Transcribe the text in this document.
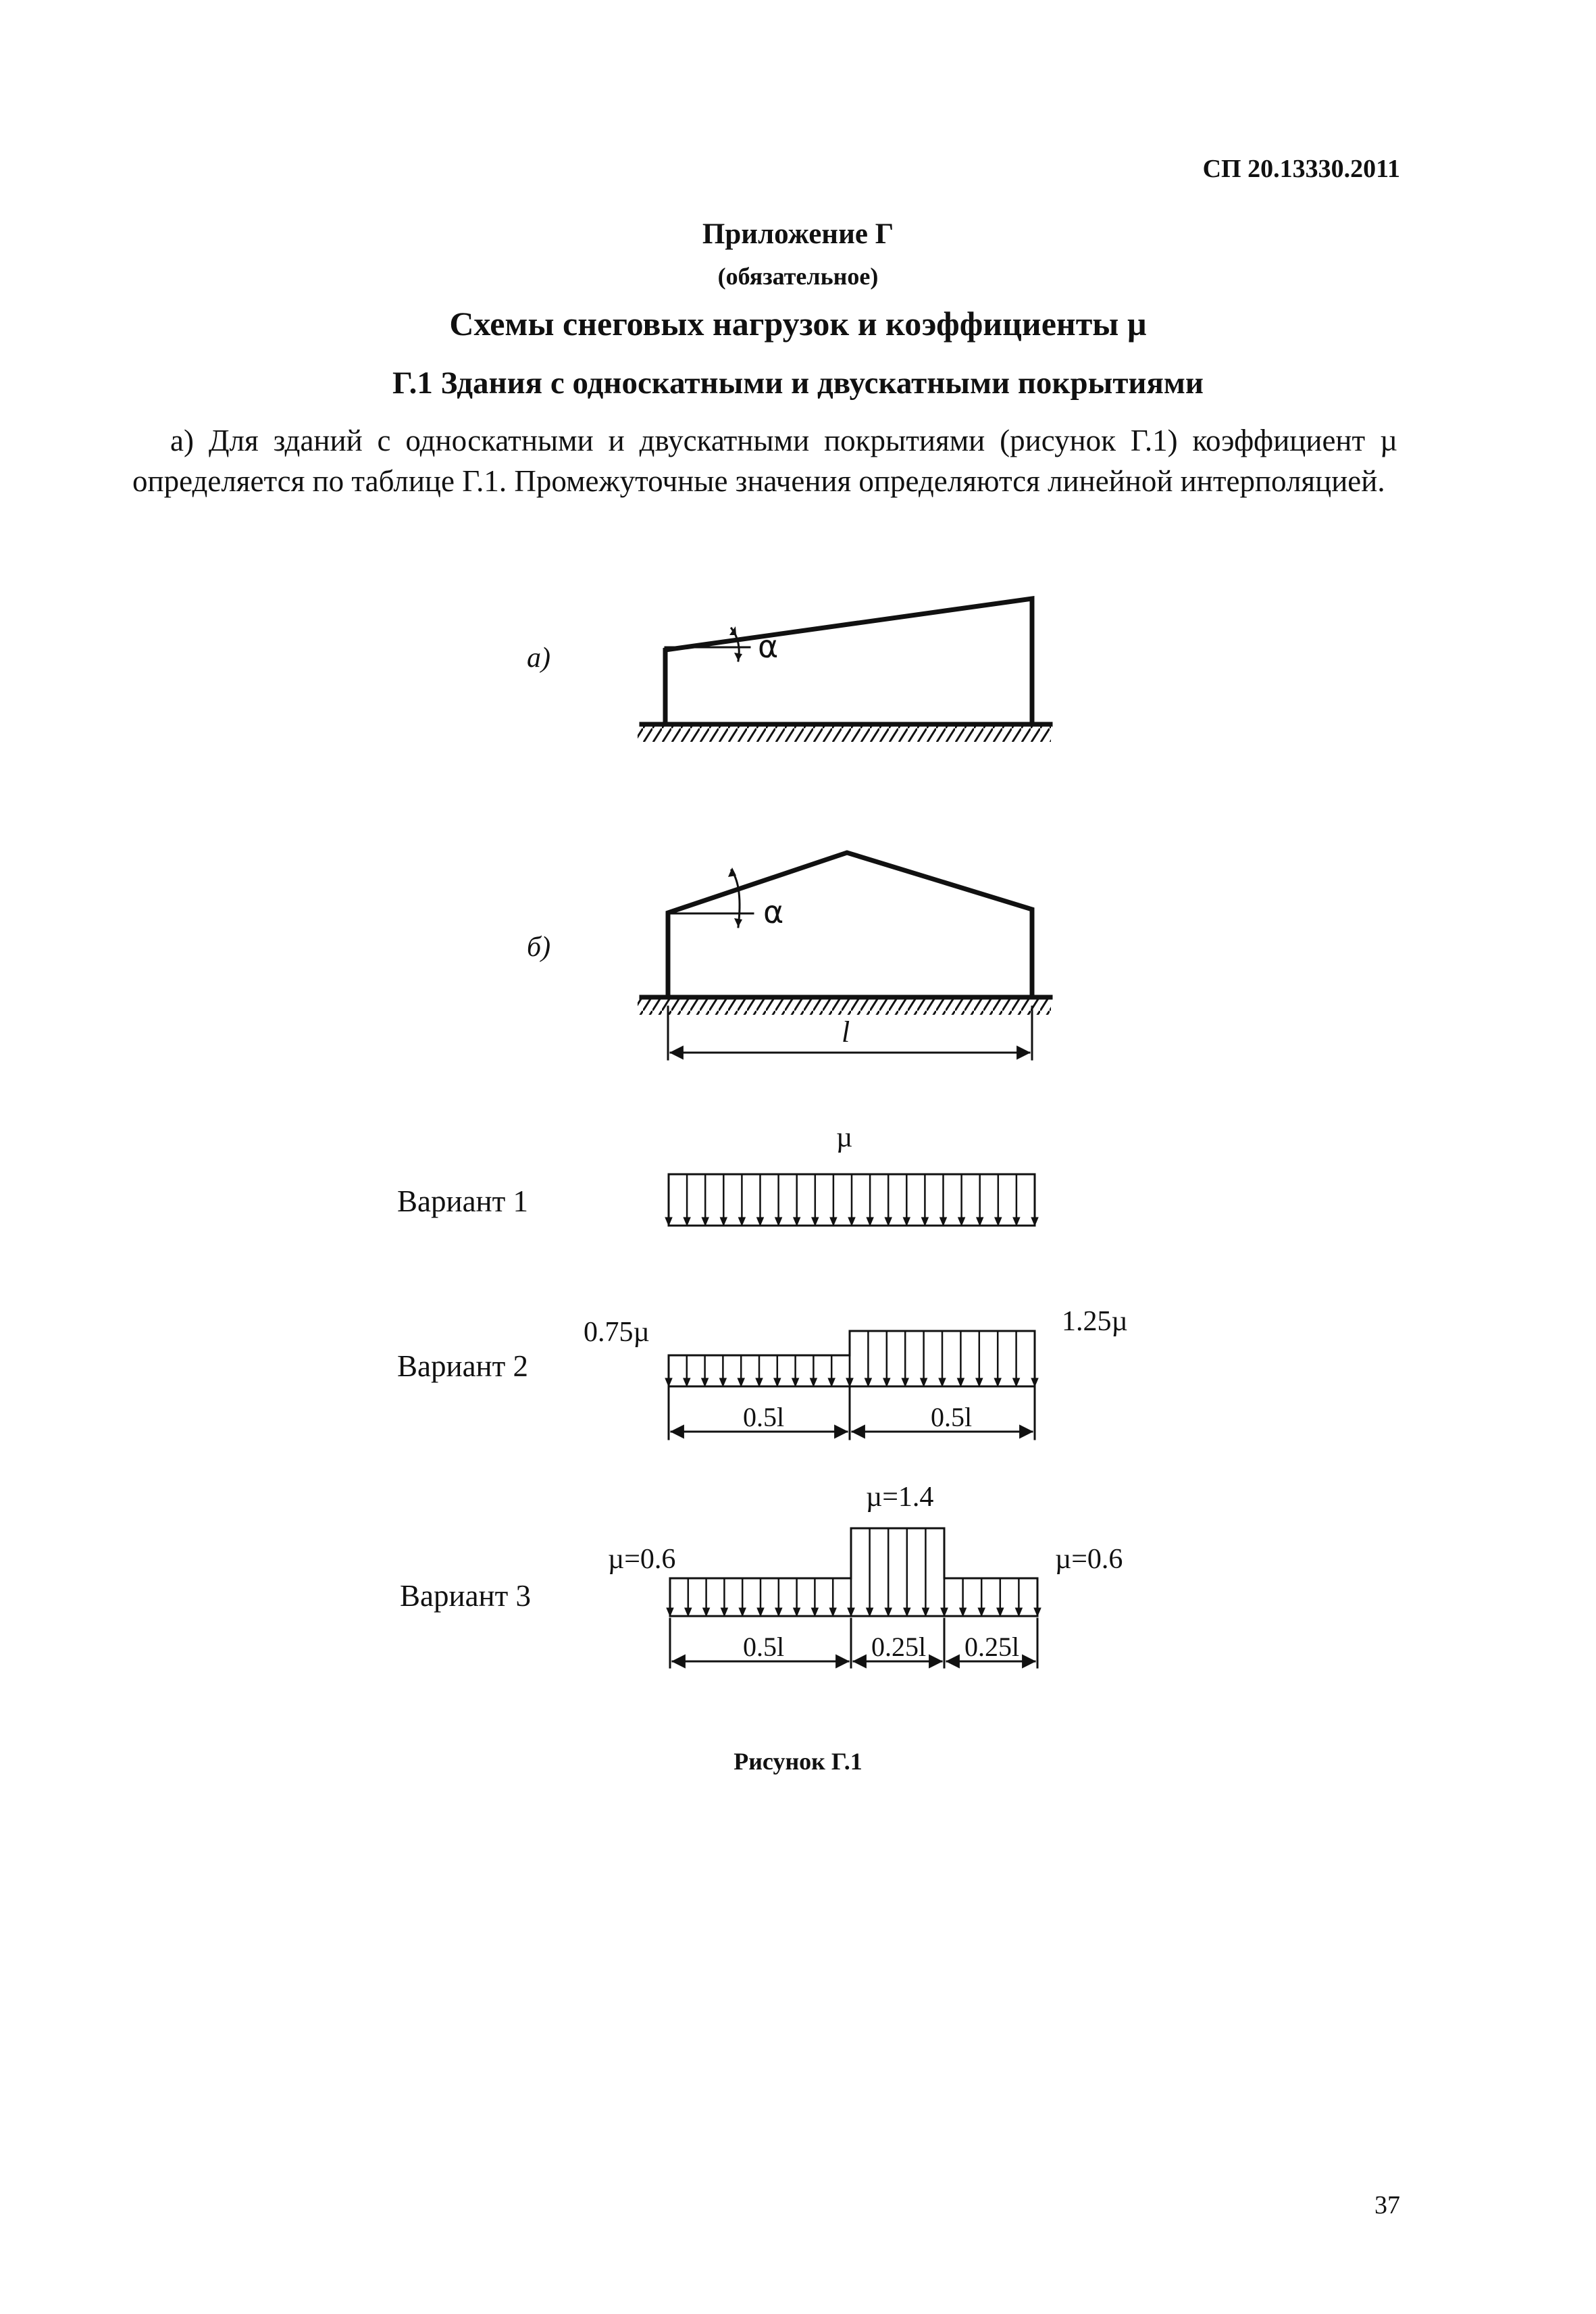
СП 20.13330.2011
Приложение Г
(обязательное)
Схемы снеговых нагрузок и коэффициенты µ
Г.1 Здания с односкатными и двускатными покрытиями

а) Для зданий с односкатными и двускатными покрытиями (рисунок Г.1) коэффициент µ определяется по таблице Г.1. Промежуточные значения определяются линейной интерполяцией.

а)	α
б)
α
l
Вариант 1
µ
Вариант 2
0.75µ	1.25µ
0.5l	0.5l
Вариант 3
µ=0.6
µ=1.4
µ=0.6
0.5l	0.25l 0.25l
Рисунок Г.1
37
